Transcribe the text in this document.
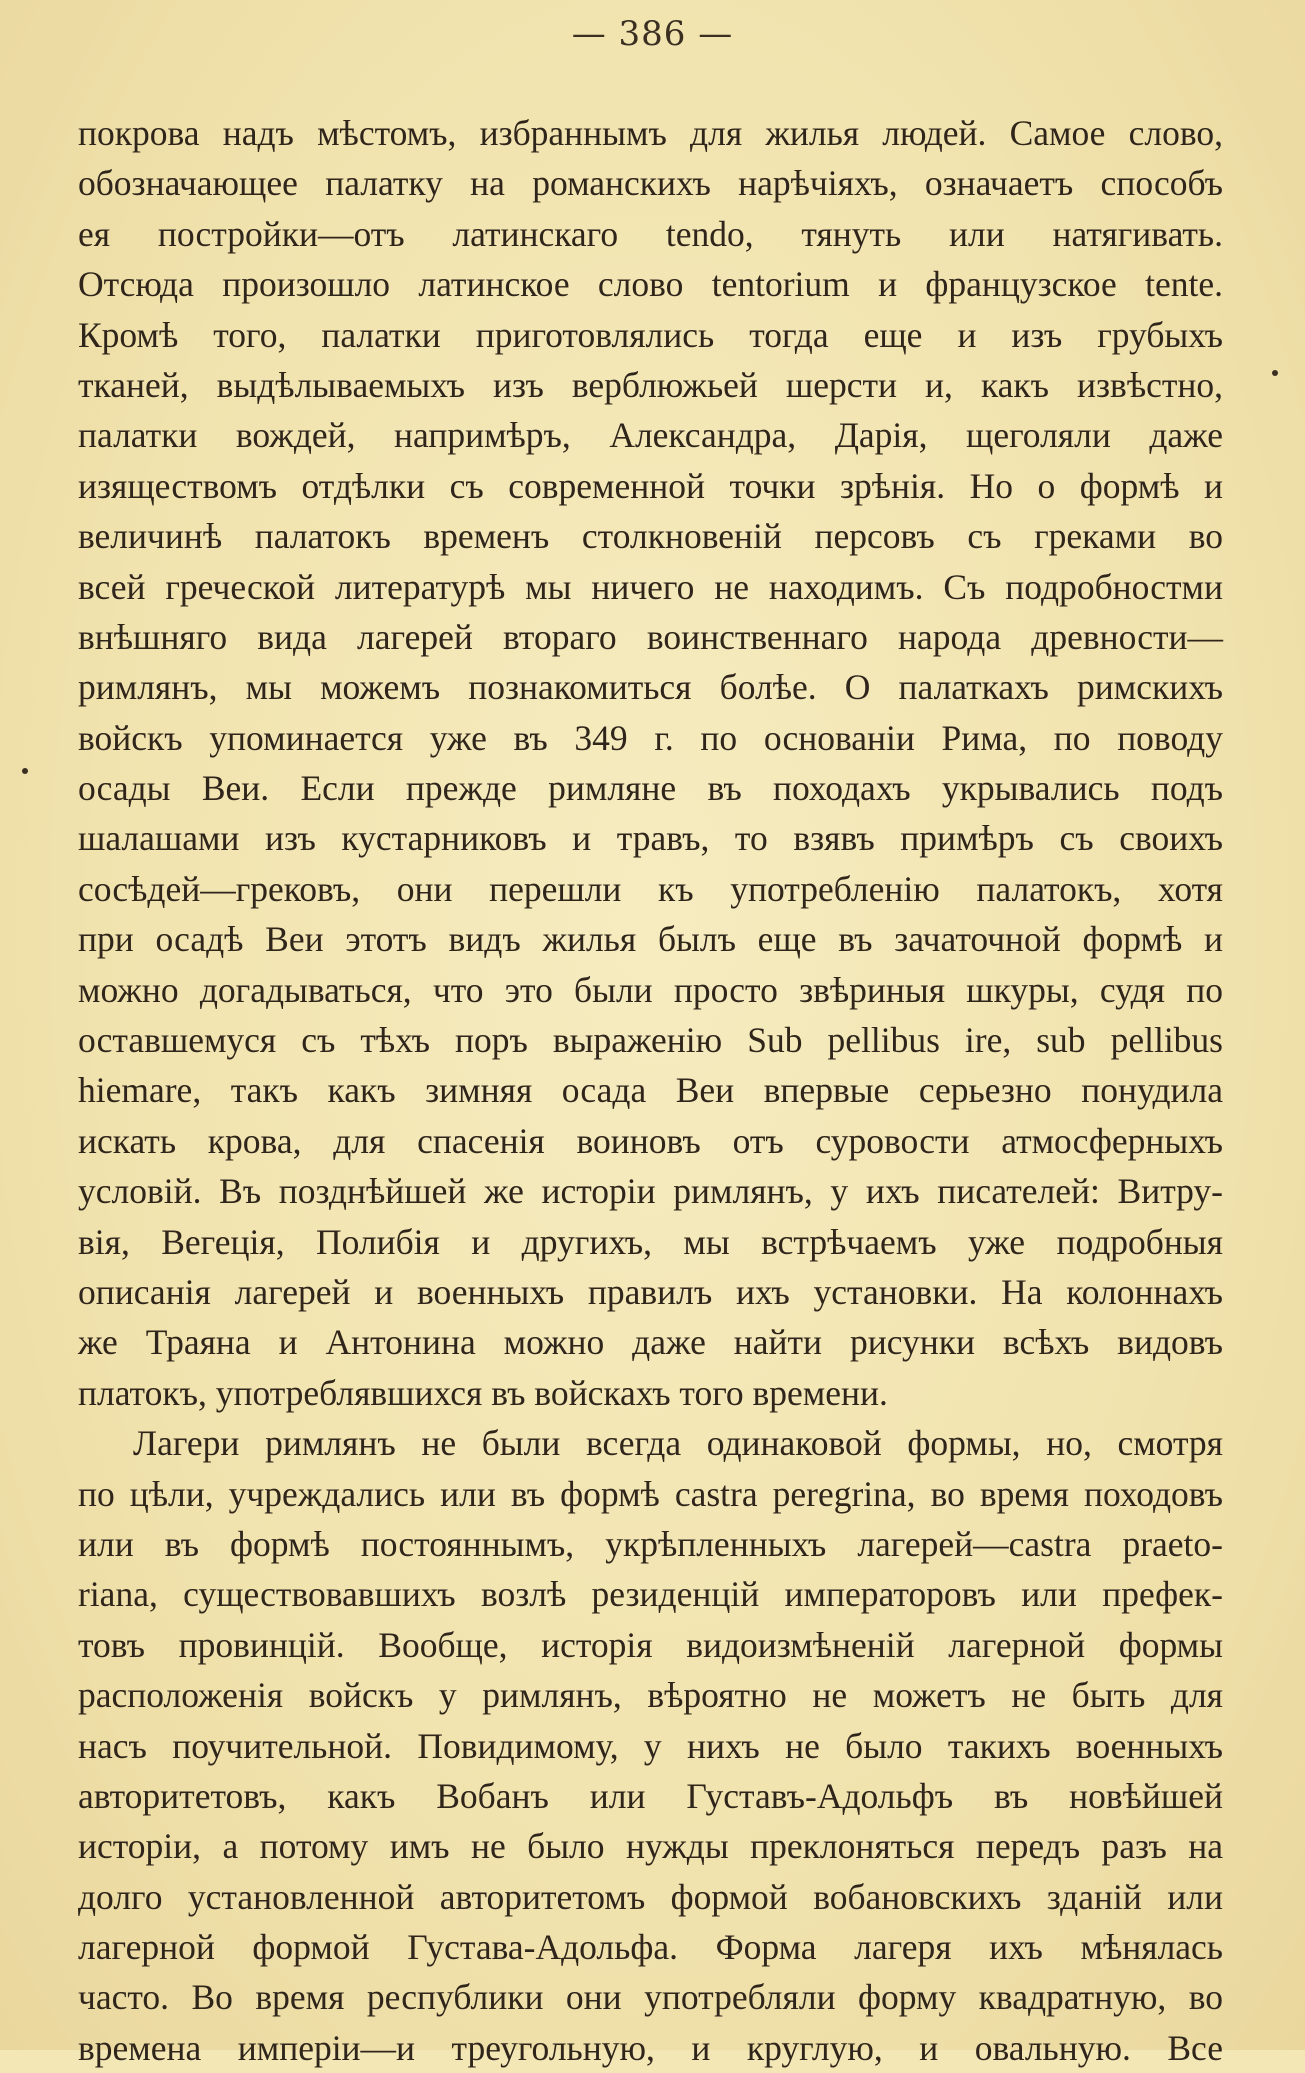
— 386 —
покрова надъ мѣстомъ, избраннымъ для жилья людей. Самое слово,
обозначающее палатку на романскихъ нарѣчіяхъ, означаетъ способъ
ея постройки—отъ латинскаго tendo, тянуть или натягивать.
Отсюда произошло латинское слово tentorium и французское tente.
Кромѣ того, палатки приготовлялись тогда еще и изъ грубыхъ
тканей, выдѣлываемыхъ изъ верблюжьей шерсти и, какъ извѣстно,
палатки вождей, напримѣръ, Александра, Дарія, щеголяли даже
изяществомъ отдѣлки съ современной точки зрѣнія. Но о формѣ и
величинѣ палатокъ временъ столкновеній персовъ съ греками во
всей греческой литературѣ мы ничего не находимъ. Съ подробностми
внѣшняго вида лагерей втораго воинственнаго народа древности—
римлянъ, мы можемъ познакомиться болѣе. О палаткахъ римскихъ
войскъ упоминается уже въ 349 г. по основаніи Рима, по поводу
осады Веи. Если прежде римляне въ походахъ укрывались подъ
шалашами изъ кустарниковъ и травъ, то взявъ примѣръ съ своихъ
сосѣдей—грековъ, они перешли къ употребленію палатокъ, хотя
при осадѣ Веи этотъ видъ жилья былъ еще въ зачаточной формѣ и
можно догадываться, что это были просто звѣриныя шкуры, судя по
оставшемуся съ тѣхъ поръ выраженію Sub pellibus ire, sub pellibus
hiemare, такъ какъ зимняя осада Веи впервые серьезно понудила
искать крова, для спасенія воиновъ отъ суровости атмосферныхъ
условій. Въ позднѣйшей же исторіи римлянъ, у ихъ писателей: Витру-
вія, Вегеція, Полибія и другихъ, мы встрѣчаемъ уже подробныя
описанія лагерей и военныхъ правилъ ихъ установки. На колоннахъ
же Траяна и Антонина можно даже найти рисунки всѣхъ видовъ
платокъ, употреблявшихся въ войскахъ того времени.
Лагери римлянъ не были всегда одинаковой формы, но, смотря
по цѣли, учреждались или въ формѣ castra peregrina, во время походовъ
или въ формѣ постояннымъ, укрѣпленныхъ лагерей—castra praeto-
riana, существовавшихъ возлѣ резиденцій императоровъ или префек-
товъ провинцій. Вообще, исторія видоизмѣненій лагерной формы
расположенія войскъ у римлянъ, вѣроятно не можетъ не быть для
насъ поучительной. Повидимому, у нихъ не было такихъ военныхъ
авторитетовъ, какъ Вобанъ или Густавъ-Адольфъ въ новѣйшей
исторіи, а потому имъ не было нужды преклоняться передъ разъ на
долго установленной авторитетомъ формой вобановскихъ зданій или
лагерной формой Густава-Адольфа. Форма лагеря ихъ мѣнялась
часто. Во время республики они употребляли форму квадратную, во
времена имперіи—и треугольную, и круглую, и овальную. Все
